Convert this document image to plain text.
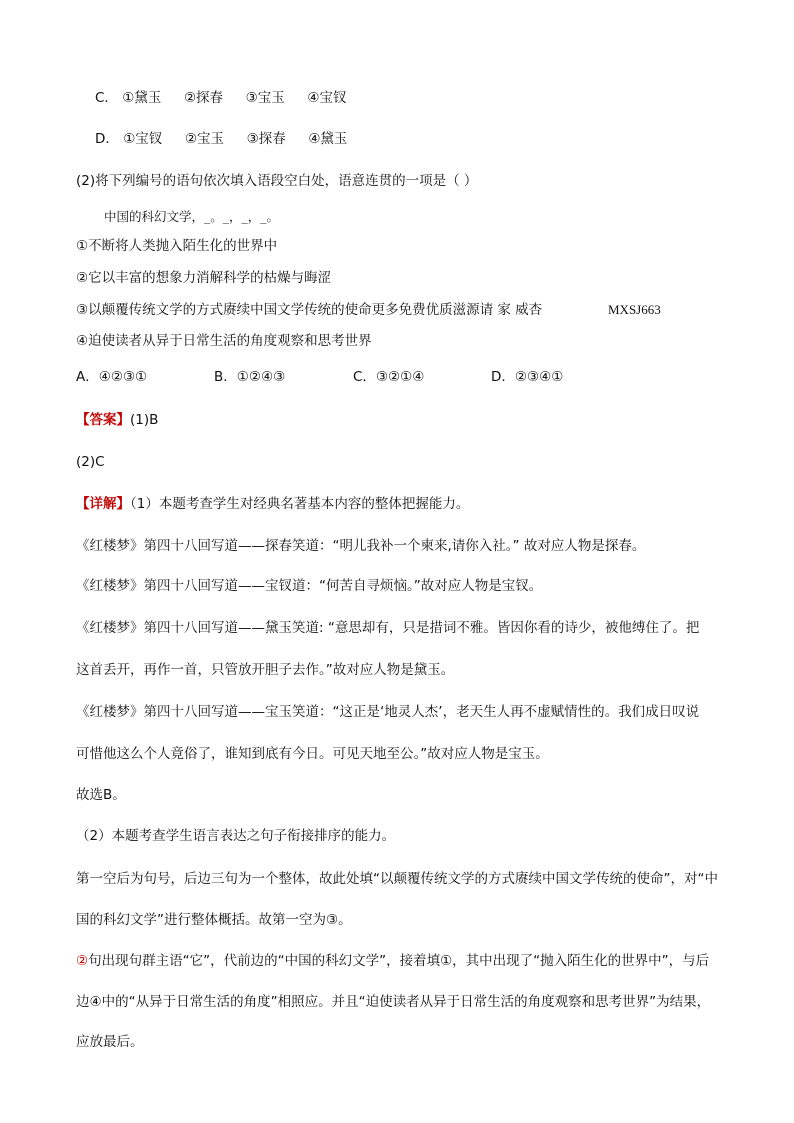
C． ①黛玉 ②探春 ③宝玉 ④宝钗
D． ①宝钗 ②宝玉 ③探春 ④黛玉
(2)将下列编号的语句依次填入语段空白处，语意连贯的一项是（ ）
中国的科幻文学，_。_，_，_。
①不断将人类抛入陌生化的世界中
②它以丰富的想象力消解科学的枯燥与晦涩
③以颠覆传统文学的方式赓续中国文学传统的使命更多免费优质滋源请 家 威杏	MXSJ663
④迫使读者从异于日常生活的角度观察和思考世界
A．④②③①	B．①②④③	C．③②①④	D．②③④①
【答案】(1)B
(2)C
【详解】（1）本题考查学生对经典名著基本内容的整体把握能力。
《红楼梦》第四十八回写道——探春笑道：“明儿我补一个柬来,请你入社。” 故对应人物是探春。
《红楼梦》第四十八回写道——宝钗道：“何苦自寻烦恼。”故对应人物是宝钗。
《红楼梦》第四十八回写道——黛玉笑道: “意思却有，只是措词不雅。皆因你看的诗少，被他缚住了。把
这首丢开，再作一首，只管放开胆子去作。”故对应人物是黛玉。
《红楼梦》第四十八回写道——宝玉笑道：“这正是‘地灵人杰’，老天生人再不虚赋情性的。我们成日叹说
可惜他这么个人竟俗了，谁知到底有今日。可见天地至公。”故对应人物是宝玉。
故选B。
（2）本题考查学生语言表达之句子衔接排序的能力。
第一空后为句号，后边三句为一个整体，故此处填“以颠覆传统文学的方式赓续中国文学传统的使命”，对“中
国的科幻文学”进行整体概括。故第一空为③。
②句出现句群主语“它”，代前边的“中国的科幻文学”，接着填①，其中出现了“抛入陌生化的世界中”，与后
边④中的“从异于日常生活的角度”相照应。并且“迫使读者从异于日常生活的角度观察和思考世界”为结果，
应放最后。
